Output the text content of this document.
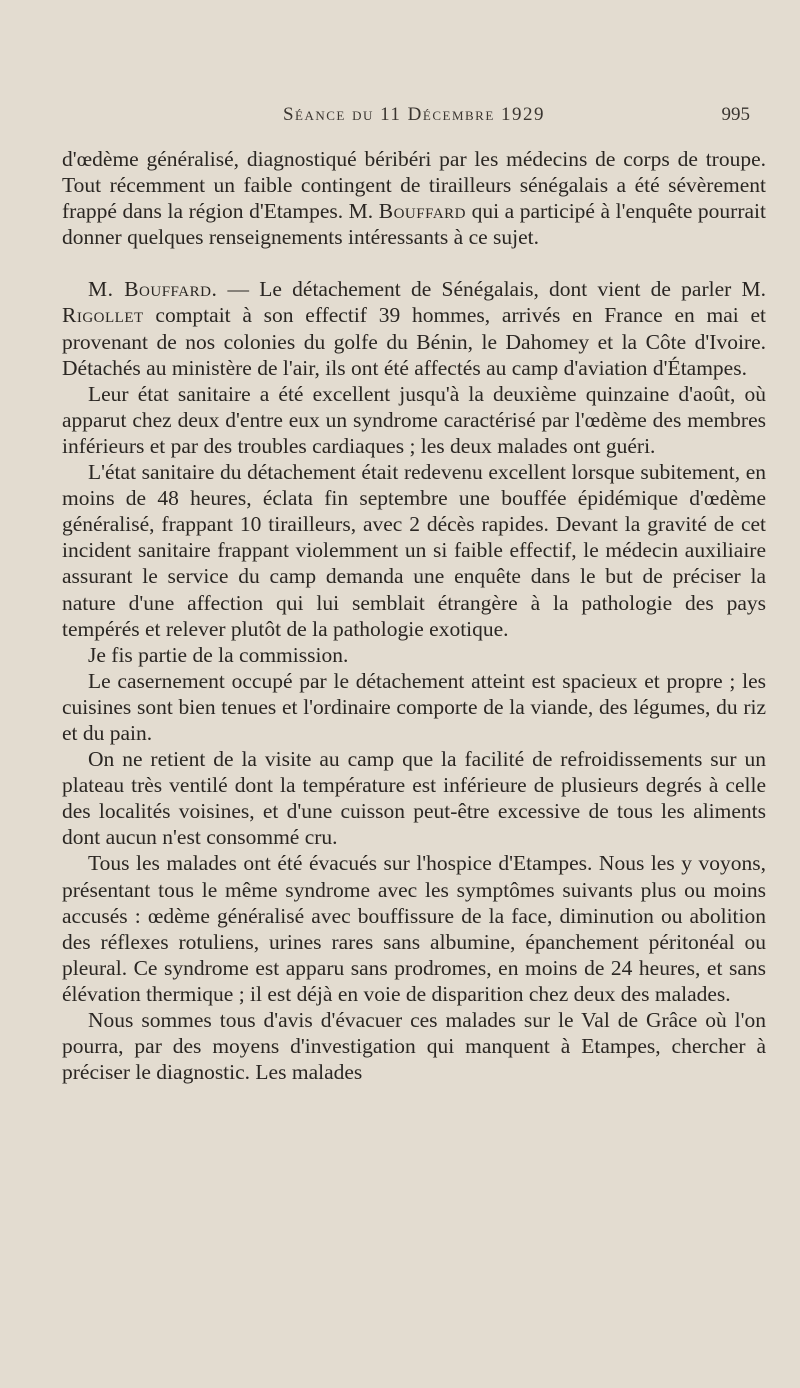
Séance du 11 Décembre 1929	995

d'œdème généralisé, diagnostiqué béribéri par les médecins de corps de troupe. Tout récemment un faible contingent de tirailleurs sénégalais a été sévèrement frappé dans la région d'Etampes. M. Bouffard qui a participé à l'enquête pourrait donner quelques renseignements intéressants à ce sujet.

M. Bouffard. — Le détachement de Sénégalais, dont vient de parler M. Rigollet comptait à son effectif 39 hommes, arrivés en France en mai et provenant de nos colonies du golfe du Bénin, le Dahomey et la Côte d'Ivoire. Détachés au ministère de l'air, ils ont été affectés au camp d'aviation d'Étampes.

Leur état sanitaire a été excellent jusqu'à la deuxième quinzaine d'août, où apparut chez deux d'entre eux un syndrome caractérisé par l'œdème des membres inférieurs et par des troubles cardiaques ; les deux malades ont guéri.

L'état sanitaire du détachement était redevenu excellent lorsque subitement, en moins de 48 heures, éclata fin septembre une bouffée épidémique d'œdème généralisé, frappant 10 tirailleurs, avec 2 décès rapides. Devant la gravité de cet incident sanitaire frappant violemment un si faible effectif, le médecin auxiliaire assurant le service du camp demanda une enquête dans le but de préciser la nature d'une affection qui lui semblait étrangère à la pathologie des pays tempérés et relever plutôt de la pathologie exotique.

Je fis partie de la commission.

Le casernement occupé par le détachement atteint est spacieux et propre ; les cuisines sont bien tenues et l'ordinaire comporte de la viande, des légumes, du riz et du pain.

On ne retient de la visite au camp que la facilité de refroidissements sur un plateau très ventilé dont la température est inférieure de plusieurs degrés à celle des localités voisines, et d'une cuisson peut-être excessive de tous les aliments dont aucun n'est consommé cru.

Tous les malades ont été évacués sur l'hospice d'Etampes. Nous les y voyons, présentant tous le même syndrome avec les symptômes suivants plus ou moins accusés : œdème généralisé avec bouffissure de la face, diminution ou abolition des réflexes rotuliens, urines rares sans albumine, épanchement péritonéal ou pleural. Ce syndrome est apparu sans prodromes, en moins de 24 heures, et sans élévation thermique ; il est déjà en voie de disparition chez deux des malades.

Nous sommes tous d'avis d'évacuer ces malades sur le Val de Grâce où l'on pourra, par des moyens d'investigation qui manquent à Etampes, chercher à préciser le diagnostic. Les malades
